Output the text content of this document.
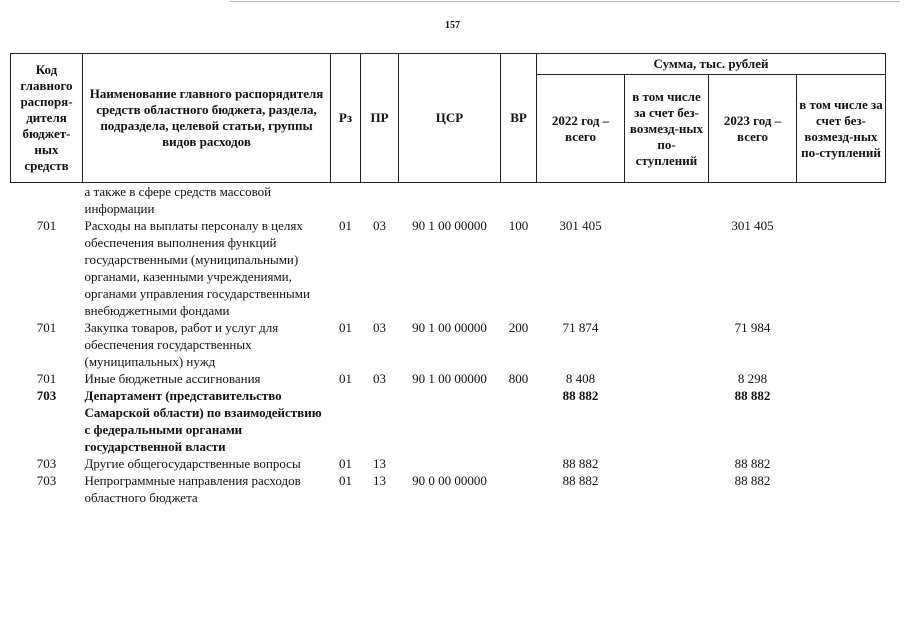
157
Код главного распоря-дителя бюджет-ных средств	Наименование главного распорядителя средств областного бюджета, раздела, подраздела, целевой статьи, группы видов расходов	Рз	ПР	ЦСР	ВР	Сумма, тыс. рублей			
						2022 год – всего	в том числе за счет без-возмезд-ных по-ступлений	2023 год – всего	в том числе за счет без-возмезд-ных по-ступлений
	а также в сфере средств массовой информации								
701	Расходы на выплаты персоналу в целях обеспечения выполнения функций государственными (муниципальными) органами, казенными учреждениями, органами управления государственными внебюджетными фондами	01	03	90 1 00 00000	100	301 405		301 405	
701	Закупка товаров, работ и услуг для обеспечения государственных (муниципальных) нужд	01	03	90 1 00 00000	200	71 874		71 984	
701	Иные бюджетные ассигнования	01	03	90 1 00 00000	800	8 408		8 298	
703	Департамент (представительство Самарской области) по взаимодействию с федеральными органами государственной власти					88 882		88 882	
703	Другие общегосударственные вопросы	01	13			88 882		88 882	
703	Непрограммные направления расходов областного бюджета	01	13	90 0 00 00000		88 882		88 882	
